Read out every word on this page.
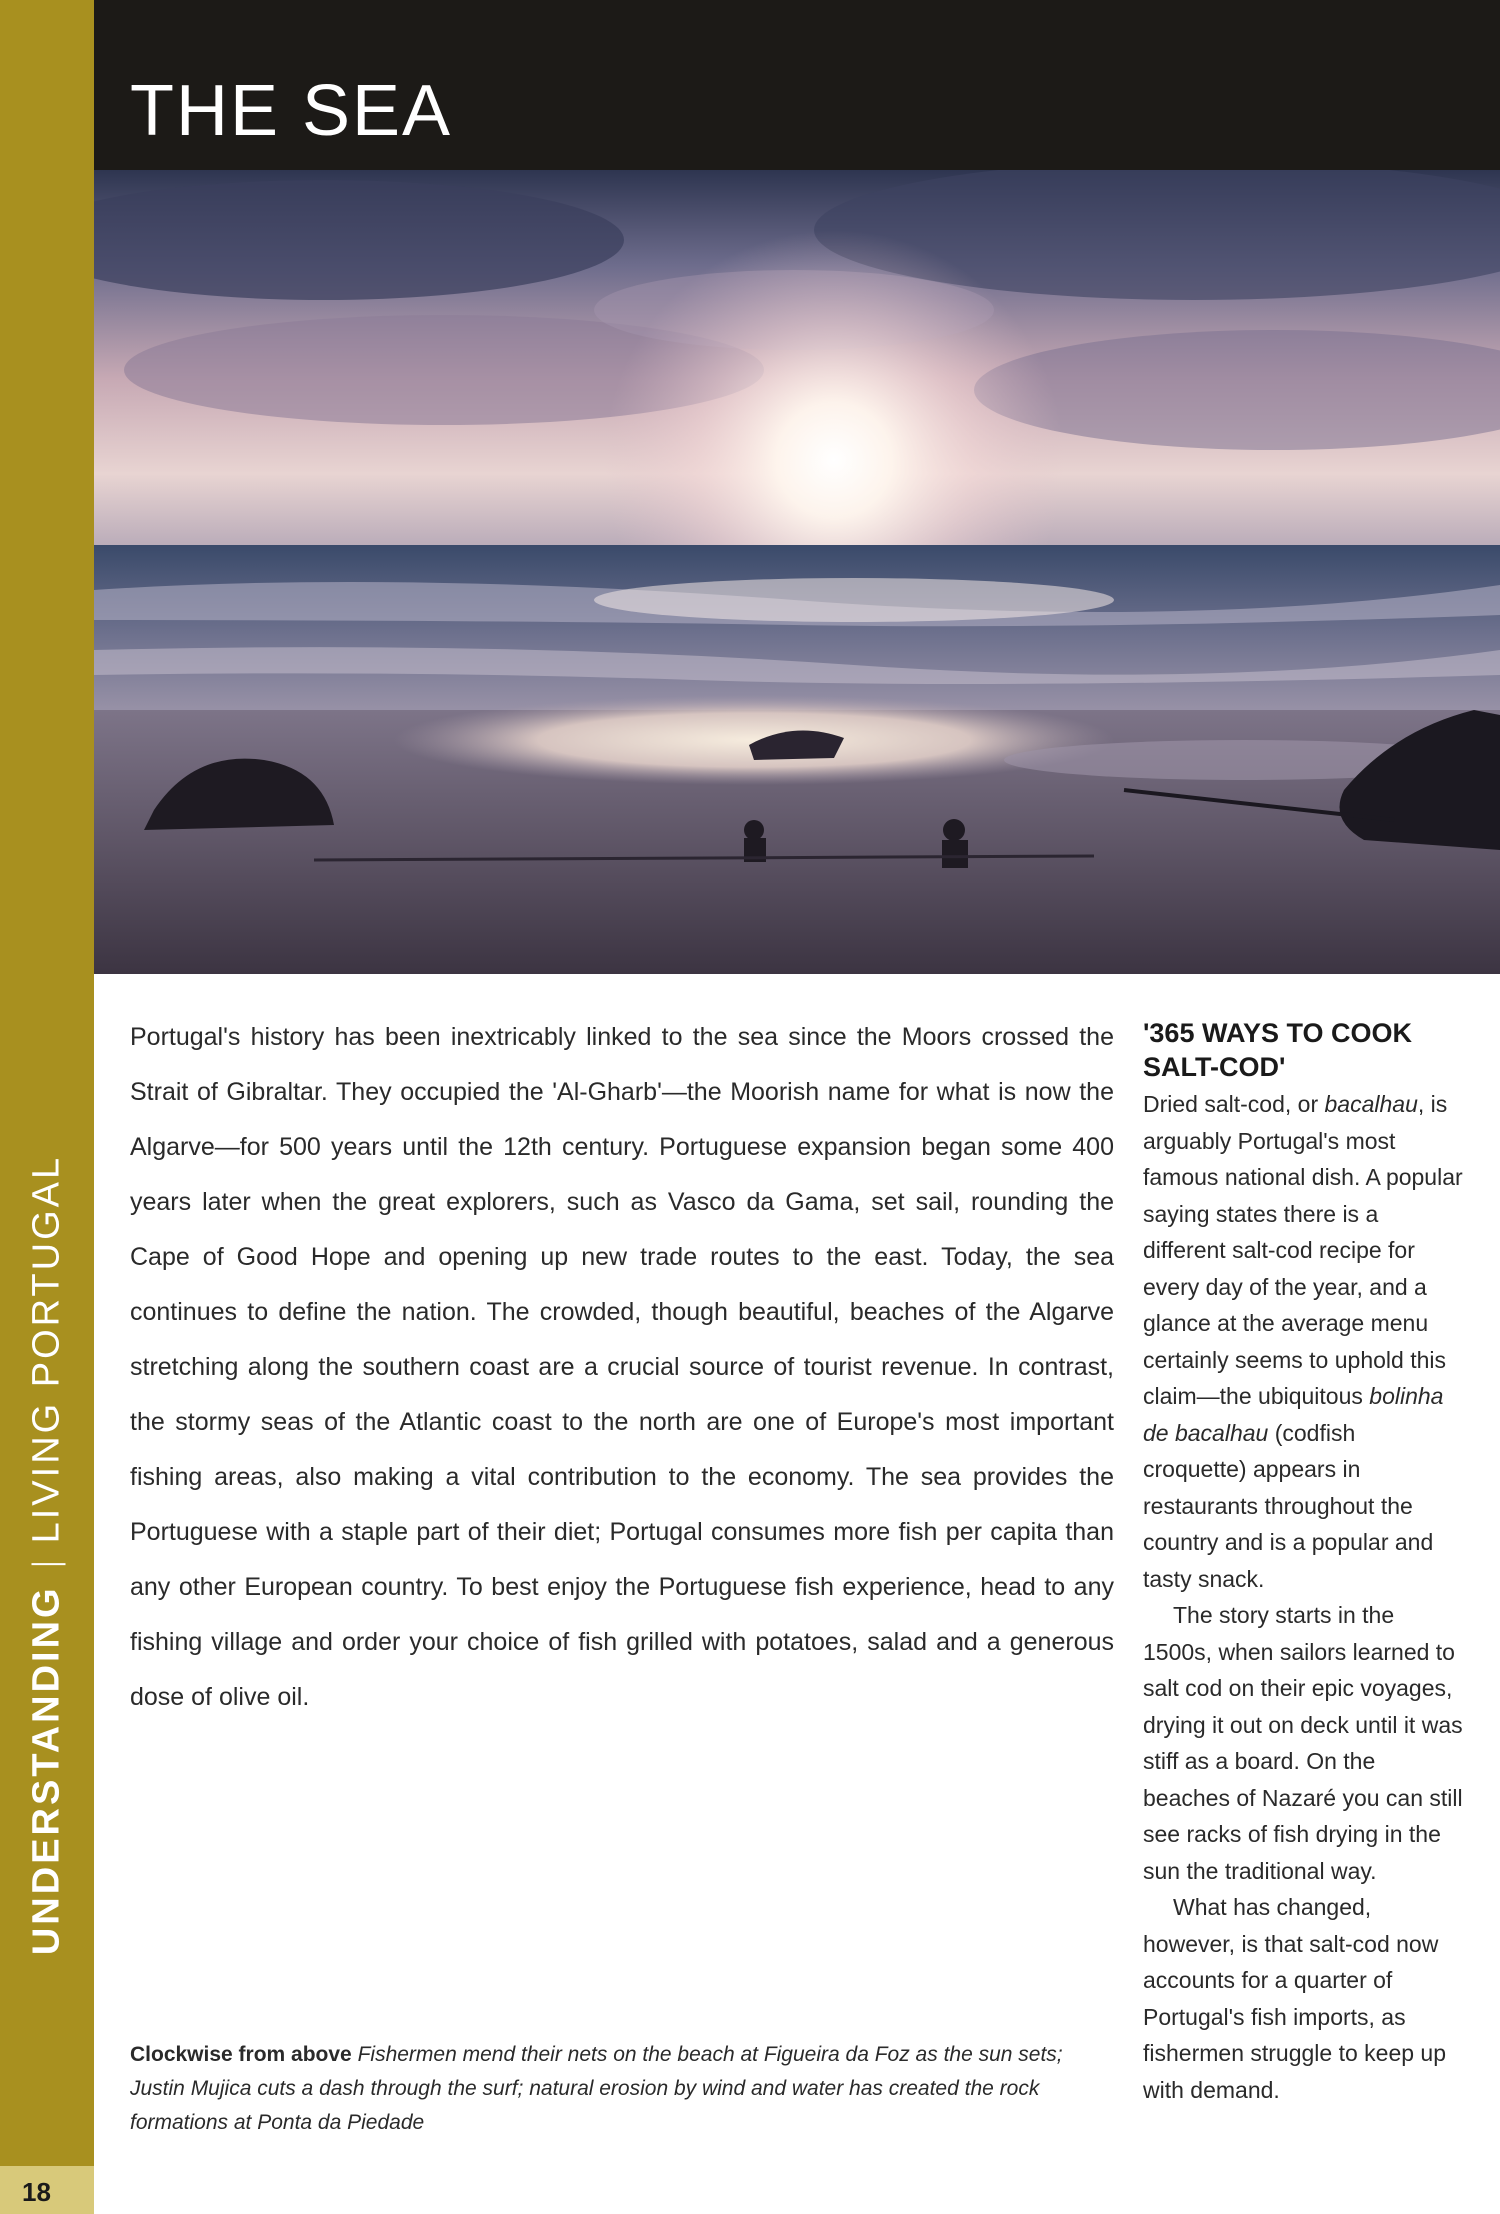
UNDERSTANDINGLIVING PORTUGAL
18
THE SEA

Portugal's history has been inextricably linked to the sea since the Moors crossed the Strait of Gibraltar. They occupied the 'Al-Gharb'—the Moorish name for what is now the Algarve—for 500 years until the 12th century. Portuguese expansion began some 400 years later when the great explorers, such as Vasco da Gama, set sail, rounding the Cape of Good Hope and opening up new trade routes to the east. Today, the sea continues to define the nation. The crowded, though beautiful, beaches of the Algarve stretching along the southern coast are a crucial source of tourist revenue. In contrast, the stormy seas of the Atlantic coast to the north are one of Europe's most important fishing areas, also making a vital contribution to the economy. The sea provides the Portuguese with a staple part of their diet; Portugal consumes more fish per capita than any other European country. To best enjoy the Portuguese fish experience, head to any fishing village and order your choice of fish grilled with potatoes, salad and a generous dose of olive oil.

'365 WAYS TO COOK SALT-COD'

Dried salt-cod, or bacalhau, is arguably Portugal's most famous national dish. A popular saying states there is a different salt-cod recipe for every day of the year, and a glance at the average menu certainly seems to uphold this claim—the ubiquitous bolinha de bacalhau (codfish croquette) appears in restaurants throughout the country and is a popular and tasty snack.

The story starts in the 1500s, when sailors learned to salt cod on their epic voyages, drying it out on deck until it was stiff as a board. On the beaches of Nazaré you can still see racks of fish drying in the sun the traditional way.

What has changed, however, is that salt-cod now accounts for a quarter of Portugal's fish imports, as fishermen struggle to keep up with demand.

Clockwise from above Fishermen mend their nets on the beach at Figueira da Foz as the sun sets; Justin Mujica cuts a dash through the surf; natural erosion by wind and water has created the rock formations at Ponta da Piedade
